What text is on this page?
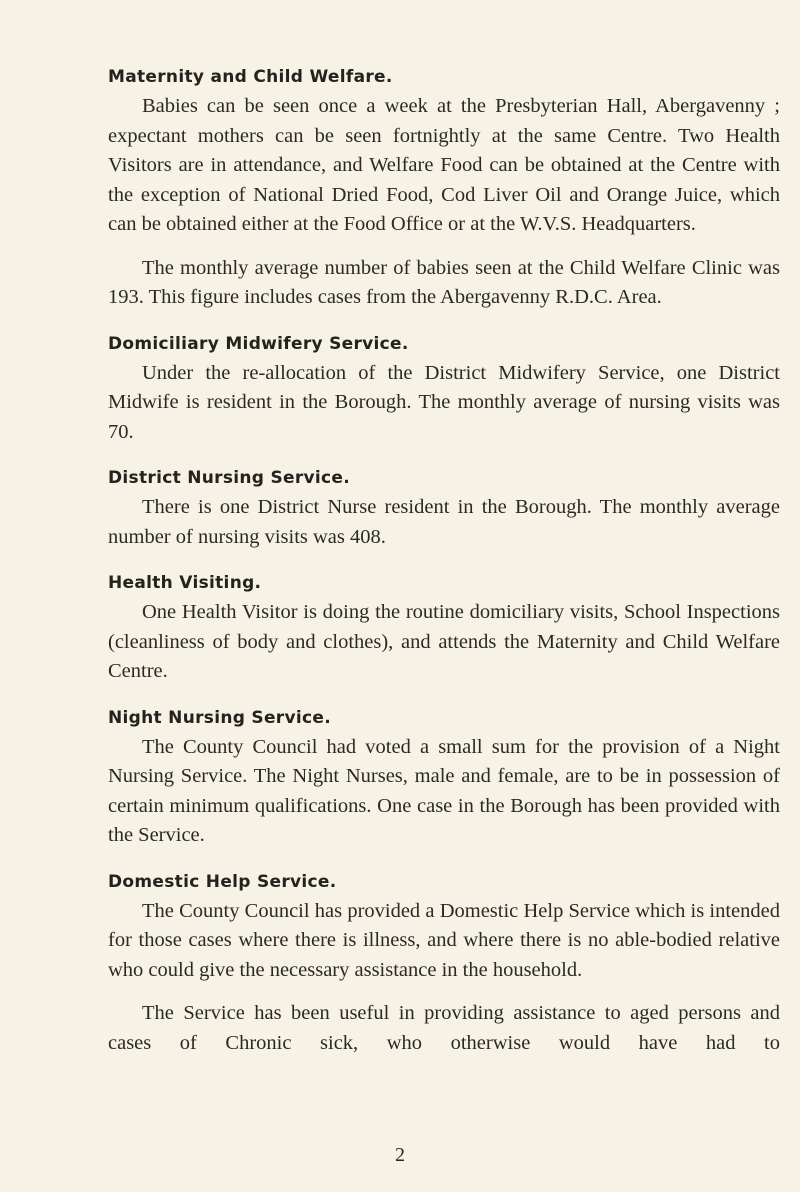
Maternity and Child Welfare.

Babies can be seen once a week at the Presbyterian Hall, Abergavenny ; expectant mothers can be seen fortnightly at the same Centre. Two Health Visitors are in attendance, and Welfare Food can be obtained at the Centre with the exception of National Dried Food, Cod Liver Oil and Orange Juice, which can be obtained either at the Food Office or at the W.V.S. Headquarters.

The monthly average number of babies seen at the Child Welfare Clinic was 193. This figure includes cases from the Abergavenny R.D.C. Area.

Domiciliary Midwifery Service.

Under the re-allocation of the District Midwifery Service, one District Midwife is resident in the Borough. The monthly average of nursing visits was 70.

District Nursing Service.

There is one District Nurse resident in the Borough. The monthly average number of nursing visits was 408.

Health Visiting.

One Health Visitor is doing the routine domiciliary visits, School Inspections (cleanliness of body and clothes), and attends the Maternity and Child Welfare Centre.

Night Nursing Service.

The County Council had voted a small sum for the provision of a Night Nursing Service. The Night Nurses, male and female, are to be in possession of certain minimum qualifications. One case in the Borough has been provided with the Service.

Domestic Help Service.

The County Council has provided a Domestic Help Service which is intended for those cases where there is illness, and where there is no able-bodied relative who could give the necessary assistance in the household.

The Service has been useful in providing assistance to aged persons and cases of Chronic sick, who otherwise would have had to

2
